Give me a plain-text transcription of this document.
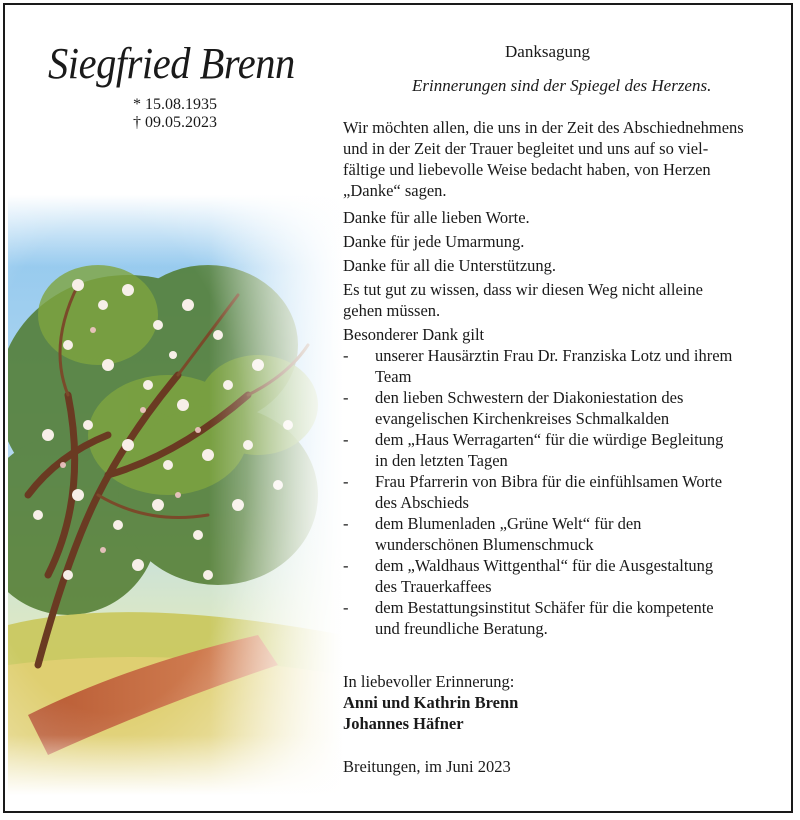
Siegfried Brenn
* 15.08.1935
† 09.05.2023
Danksagung
Erinnerungen sind der Spiegel des Herzens.

Wir möchten allen, die uns in der Zeit des Abschiednehmens

und in der Zeit der Trauer begleitet und uns auf so viel-

fältige und liebevolle Weise bedacht haben, von Herzen

„Danke“ sagen.

Danke für alle lieben Worte.

Danke für jede Umarmung.

Danke für all die Unterstützung.

Es tut gut zu wissen, dass wir diesen Weg nicht alleine

gehen müssen.

Besonderer Dank gilt

- unserer Hausärztin Frau Dr. Franziska Lotz und ihrem
Team
- den lieben Schwestern der Diakoniestation des
evangelischen Kirchenkreises Schmalkalden
- dem „Haus Werragarten“ für die würdige Begleitung
in den letzten Tagen
- Frau Pfarrerin von Bibra für die einfühlsamen Worte
des Abschieds
- dem Blumenladen „Grüne Welt“ für den
wunderschönen Blumenschmuck
- dem „Waldhaus Wittgenthal“ für die Ausgestaltung
des Trauerkaffees
- dem Bestattungsinstitut Schäfer für die kompetente
und freundliche Beratung.

In liebevoller Erinnerung:

Anni und Kathrin Brenn

Johannes Häfner

Breitungen, im Juni 2023
